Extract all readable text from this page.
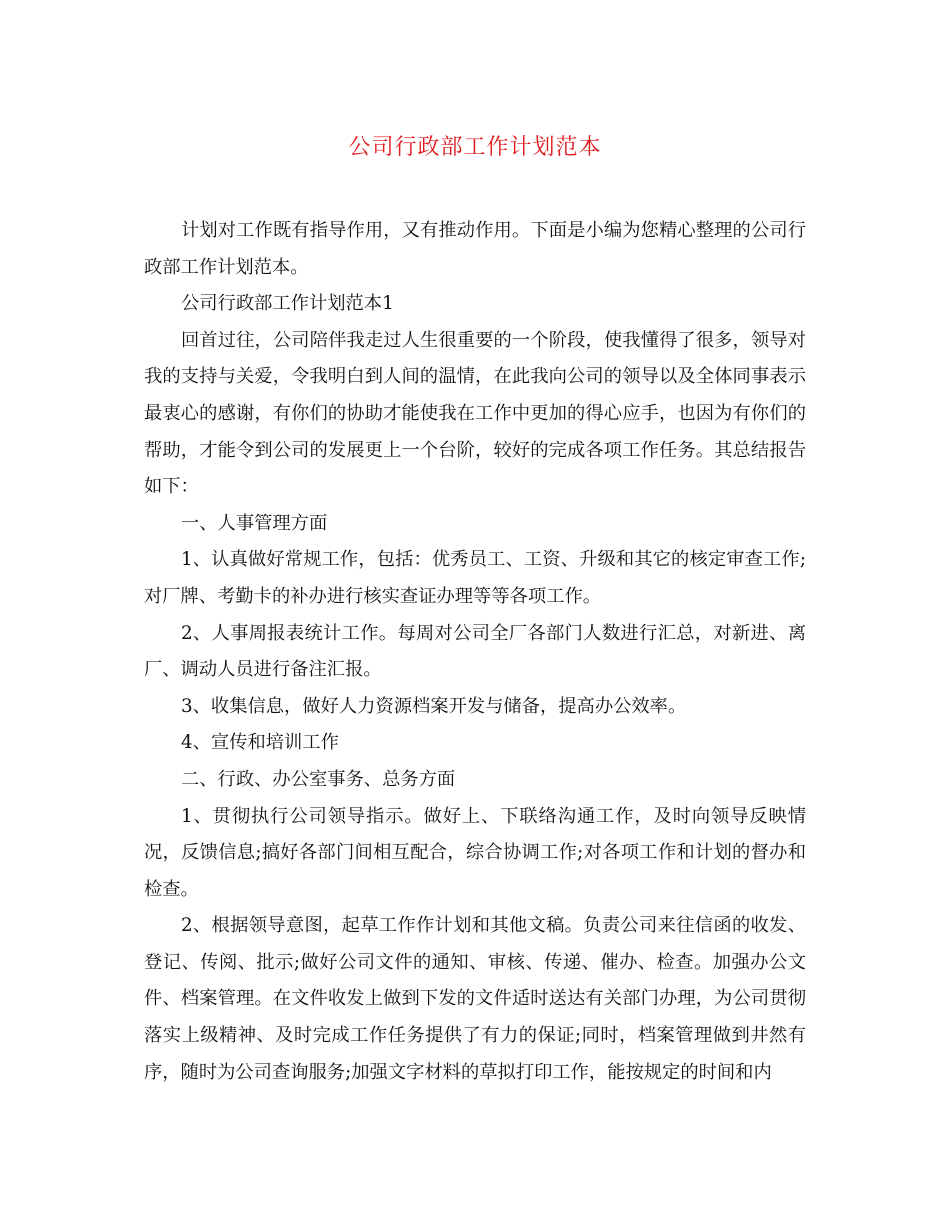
公司行政部工作计划范本

计划对工作既有指导作用，又有推动作用。下面是小编为您精心整理的公司行政部工作计划范本。

公司行政部工作计划范本1

回首过往，公司陪伴我走过人生很重要的一个阶段，使我懂得了很多，领导对我的支持与关爱，令我明白到人间的温情，在此我向公司的领导以及全体同事表示最衷心的感谢，有你们的协助才能使我在工作中更加的得心应手，也因为有你们的帮助，才能令到公司的发展更上一个台阶，较好的完成各项工作任务。其总结报告如下：

一、人事管理方面

1、认真做好常规工作，包括：优秀员工、工资、升级和其它的核定审查工作;对厂牌、考勤卡的补办进行核实查证办理等等各项工作。

2、人事周报表统计工作。每周对公司全厂各部门人数进行汇总，对新进、离厂、调动人员进行备注汇报。

3、收集信息，做好人力资源档案开发与储备，提高办公效率。

4、宣传和培训工作

二、行政、办公室事务、总务方面

1、贯彻执行公司领导指示。做好上、下联络沟通工作，及时向领导反映情况，反馈信息;搞好各部门间相互配合，综合协调工作;对各项工作和计划的督办和检查。

2、根据领导意图，起草工作作计划和其他文稿。负责公司来往信函的收发、登记、传阅、批示;做好公司文件的通知、审核、传递、催办、检查。加强办公文件、档案管理。在文件收发上做到下发的文件适时送达有关部门办理，为公司贯彻落实上级精神、及时完成工作任务提供了有力的保证;同时，档案管理做到井然有序，随时为公司查询服务;加强文字材料的草拟打印工作，能按规定的时间和内
